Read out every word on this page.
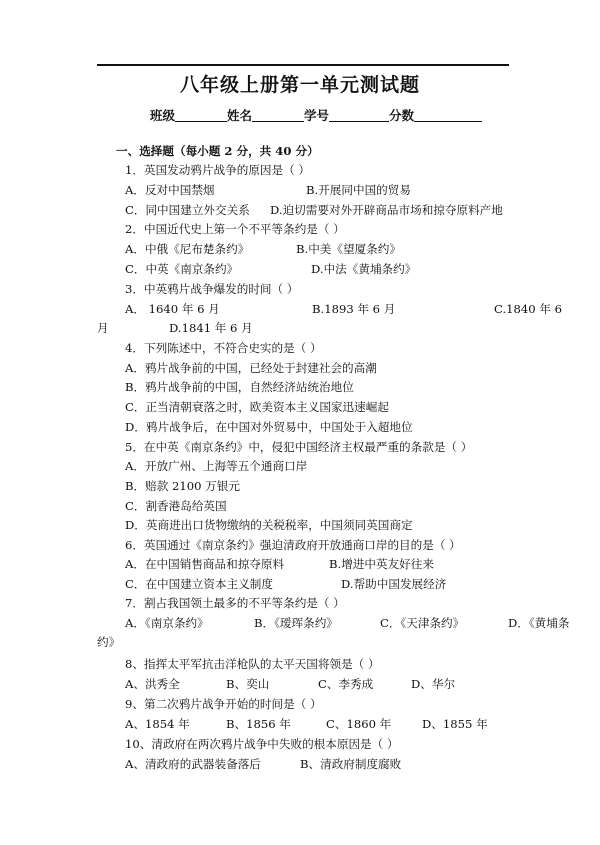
八年级上册第一单元测试题
班级	姓名	学号	分数
一、选择题（每小题 2 分，共 40 分）
1．英国发动鸦片战争的原因是（ ）
A．反对中国禁烟	B.开展同中国的贸易
C．同中国建立外交关系 D.迫切需要对外开辟商品市场和掠夺原料产地
2．中国近代史上第一个不平等条约是（ ）
A．中俄《尼布楚条约》	B.中美《望厦条约》
C．中英《南京条约》	D.中法《黄埔条约》
3．中英鸦片战争爆发的时间（ ）
A． 1640 年 6 月	B.1893 年 6 月	C.1840 年 6
月	D.1841 年 6 月
4．下列陈述中，不符合史实的是（ ）
A．鸦片战争前的中国，已经处于封建社会的高潮
B．鸦片战争前的中国，自然经济站统治地位
C．正当清朝衰落之时，欧美资本主义国家迅速崛起
D．鸦片战争后，在中国对外贸易中，中国处于入超地位
5．在中英《南京条约》中，侵犯中国经济主权最严重的条款是（ ）
A．开放广州、上海等五个通商口岸
B．赔款 2100 万银元
C．割香港岛给英国
D．英商进出口货物缴纳的关税税率，中国须同英国商定
6．英国通过《南京条约》强迫清政府开放通商口岸的目的是（ ）
A．在中国销售商品和掠夺原料	B.增进中英友好往来
C．在中国建立资本主义制度	D.帮助中国发展经济
7．割占我国领土最多的不平等条约是（ ）
A．《南京条约》	B．《瑷珲条约》	C．《天津条约》	D．《黄埔条
约》
8、指挥太平军抗击洋枪队的太平天国将领是（ ）
A、洪秀全	B、奕山	C、李秀成	D、华尔
9、第二次鸦片战争开始的时间是（ ）
A、1854 年	B、1856 年	C、1860 年	D、1855 年
10、清政府在两次鸦片战争中失败的根本原因是（ ）
A、清政府的武器装备落后	B、清政府制度腐败
